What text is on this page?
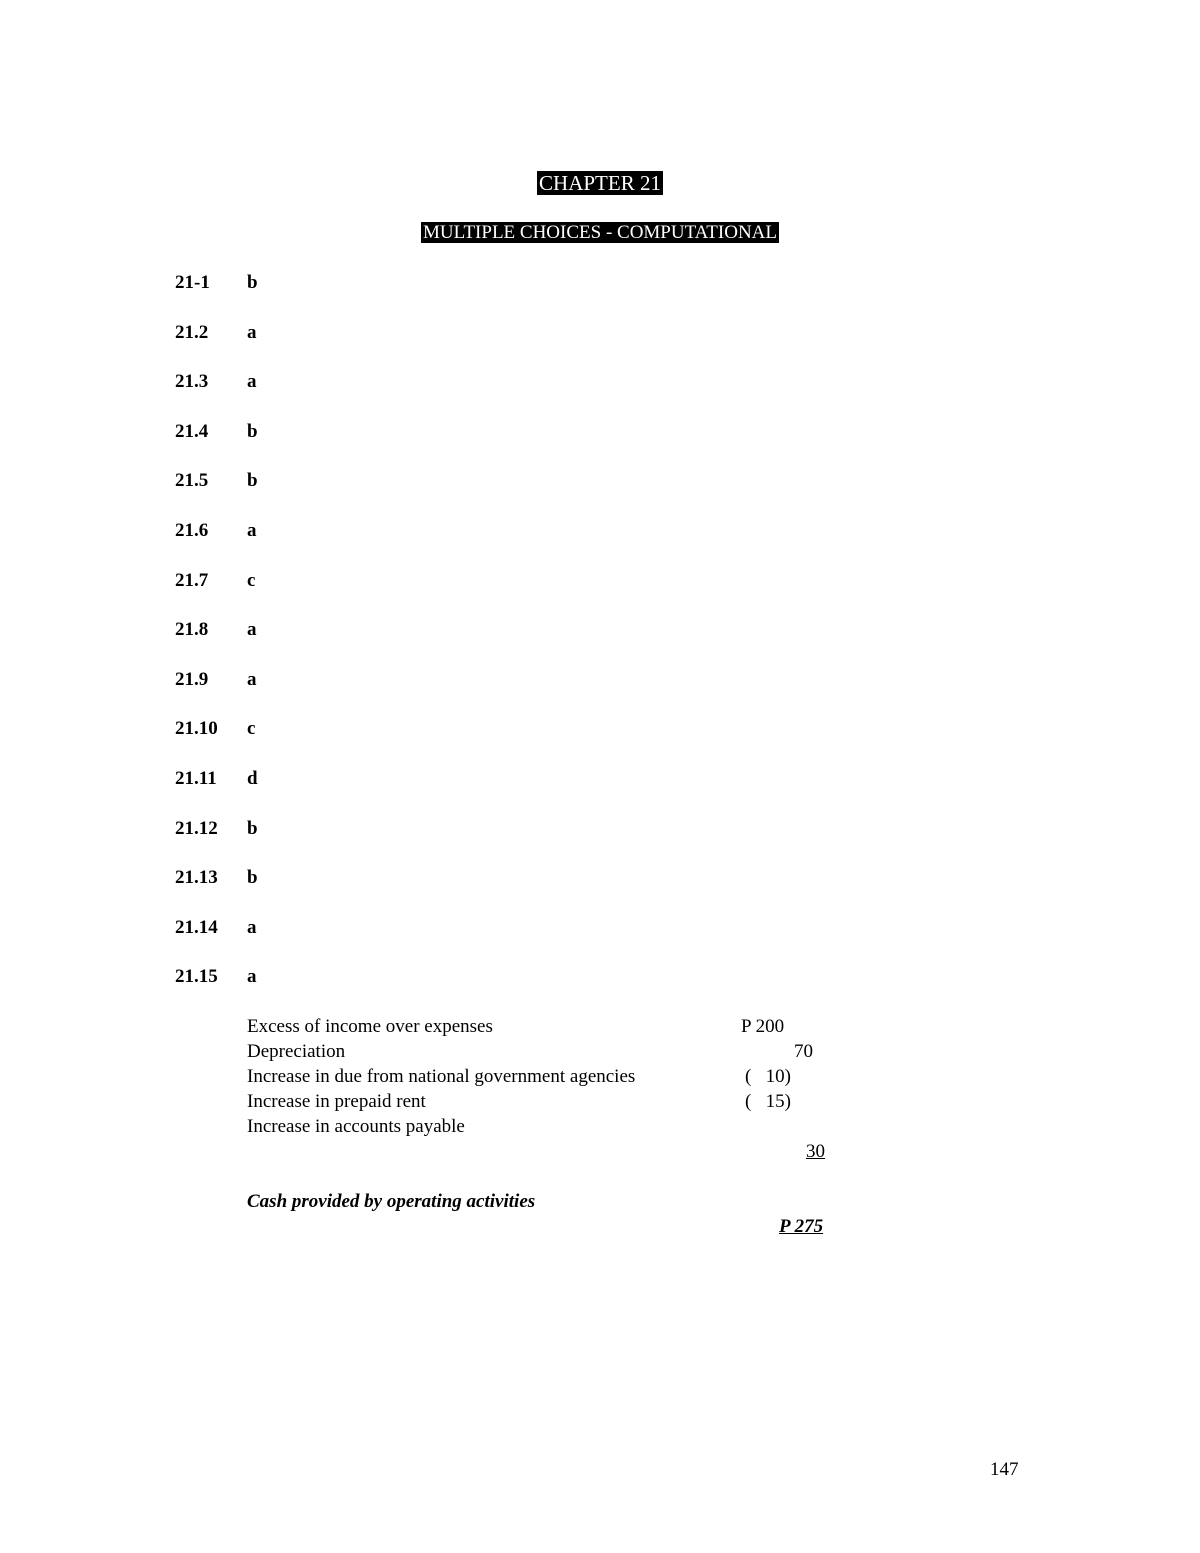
CHAPTER 21
MULTIPLE CHOICES - COMPUTATIONAL
21-1	b
21.2	a
21.3	a
21.4	b
21.5	b
21.6	a
21.7	c
21.8	a
21.9	a
21.10	c
21.11	d
21.12	b
21.13	b
21.14	a
21.15	a
Excess of income over expenses	P 200
Depreciation	70
Increase in due from national government agencies	(   10)
Increase in prepaid rent	(   15)
Increase in accounts payable	30

Cash provided by operating activities	P 275

147
